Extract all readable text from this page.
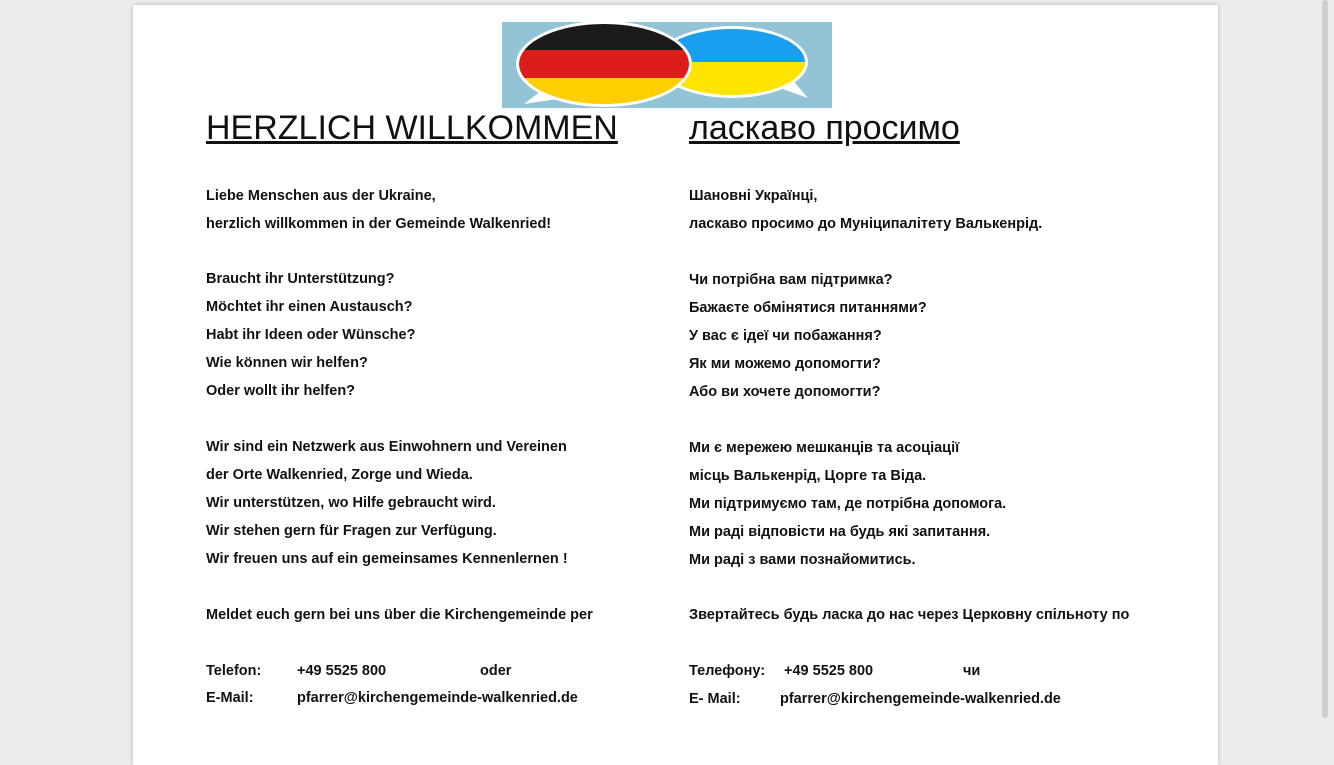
HERZLICH WILLKOMMEN
Liebe Menschen aus der Ukraine,
herzlich willkommen in der Gemeinde Walkenried!
Braucht ihr Unterstützung?
Möchtet ihr einen Austausch?
Habt ihr Ideen oder Wünsche?
Wie können wir helfen?
Oder wollt ihr helfen?
Wir sind ein Netzwerk aus Einwohnern und Vereinen
der Orte Walkenried, Zorge und Wieda.
Wir unterstützen, wo Hilfe gebraucht wird.
Wir stehen gern für Fragen zur Verfügung.
Wir freuen uns auf ein gemeinsames Kennenlernen !
Meldet euch gern bei uns über die Kirchengemeinde per
Telefon: +49 5525 800	oder
E-Mail:	pfarrer@kirchengemeinde-walkenried.de
ласкаво просимо
Шановні Українці,
ласкаво просимо до Муніципалітету Валькенрід.
Чи потрібна вам підтримка?
Бажаєте обмінятися питаннями?
У вас є ідеї чи побажання?
Як ми можемо допомогти?
Або ви хочете допомогти?
Ми є мережею мешканців та асоціації
місць Валькенрід, Цорге та Віда.
Ми підтримуємо там, де потрібна допомога.
Ми раді відповісти на будь які запитання.
Ми раді з вами познайомитись.
Звертайтесь будь ласка до нас через Церковну спільноту по
Телефону: +49 5525 800	чи
E- Mail:	pfarrer@kirchengemeinde-walkenried.de
